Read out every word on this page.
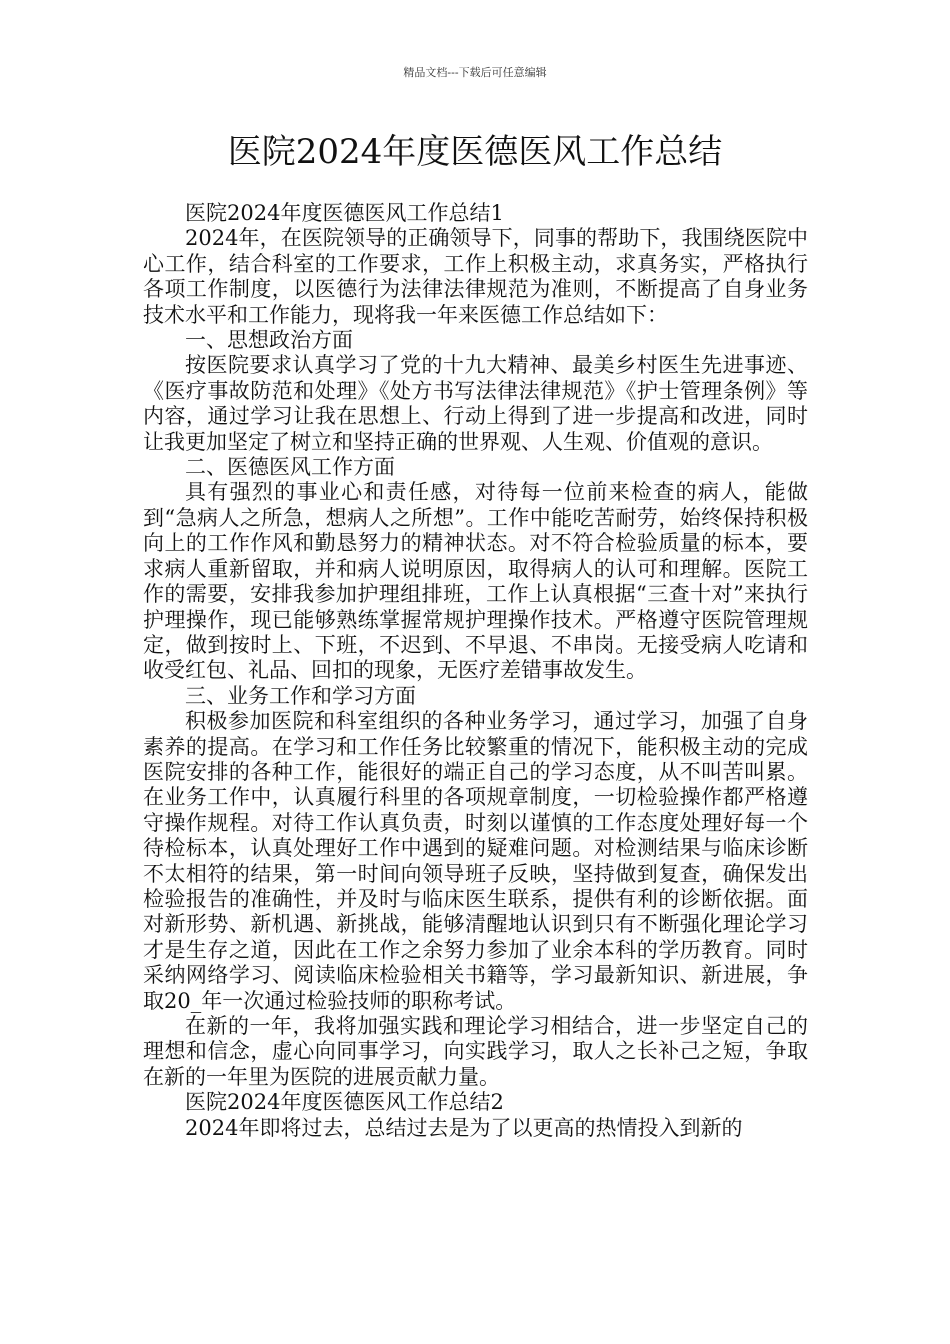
精品文档---下载后可任意编辑
医院2024年度医德医风工作总结

医院2024年度医德医风工作总结1

2024年，在医院领导的正确领导下，同事的帮助下，我围绕医院中心工作，结合科室的工作要求，工作上积极主动，求真务实，严格执行各项工作制度，以医德行为法律法律规范为准则，不断提高了自身业务技术水平和工作能力，现将我一年来医德工作总结如下：

一、思想政治方面

按医院要求认真学习了党的十九大精神、最美乡村医生先进事迹、《医疗事故防范和处理》《处方书写法律法律规范》《护士管理条例》等内容，通过学习让我在思想上、行动上得到了进一步提高和改进，同时让我更加坚定了树立和坚持正确的世界观、人生观、价值观的意识。

二、医德医风工作方面

具有强烈的事业心和责任感，对待每一位前来检查的病人，能做到“急病人之所急，想病人之所想”。工作中能吃苦耐劳，始终保持积极向上的工作作风和勤恳努力的精神状态。对不符合检验质量的标本，要求病人重新留取，并和病人说明原因，取得病人的认可和理解。医院工作的需要，安排我参加护理组排班，工作上认真根据“三查十对”来执行护理操作，现已能够熟练掌握常规护理操作技术。严格遵守医院管理规定，做到按时上、下班，不迟到、不早退、不串岗。无接受病人吃请和收受红包、礼品、回扣的现象，无医疗差错事故发生。

三、业务工作和学习方面

积极参加医院和科室组织的各种业务学习，通过学习，加强了自身素养的提高。在学习和工作任务比较繁重的情况下，能积极主动的完成医院安排的各种工作，能很好的端正自己的学习态度，从不叫苦叫累。在业务工作中，认真履行科里的各项规章制度，一切检验操作都严格遵守操作规程。对待工作认真负责，时刻以谨慎的工作态度处理好每一个待检标本，认真处理好工作中遇到的疑难问题。对检测结果与临床诊断不太相符的结果，第一时间向领导班子反映，坚持做到复查，确保发出检验报告的准确性，并及时与临床医生联系，提供有利的诊断依据。面对新形势、新机遇、新挑战，能够清醒地认识到只有不断强化理论学习才是生存之道，因此在工作之余努力参加了业余本科的学历教育。同时采纳网络学习、阅读临床检验相关书籍等，学习最新知识、新进展，争取20_年一次通过检验技师的职称考试。

在新的一年，我将加强实践和理论学习相结合，进一步坚定自己的理想和信念，虚心向同事学习，向实践学习，取人之长补己之短，争取在新的一年里为医院的进展贡献力量。

医院2024年度医德医风工作总结2

2024年即将过去，总结过去是为了以更高的热情投入到新的
